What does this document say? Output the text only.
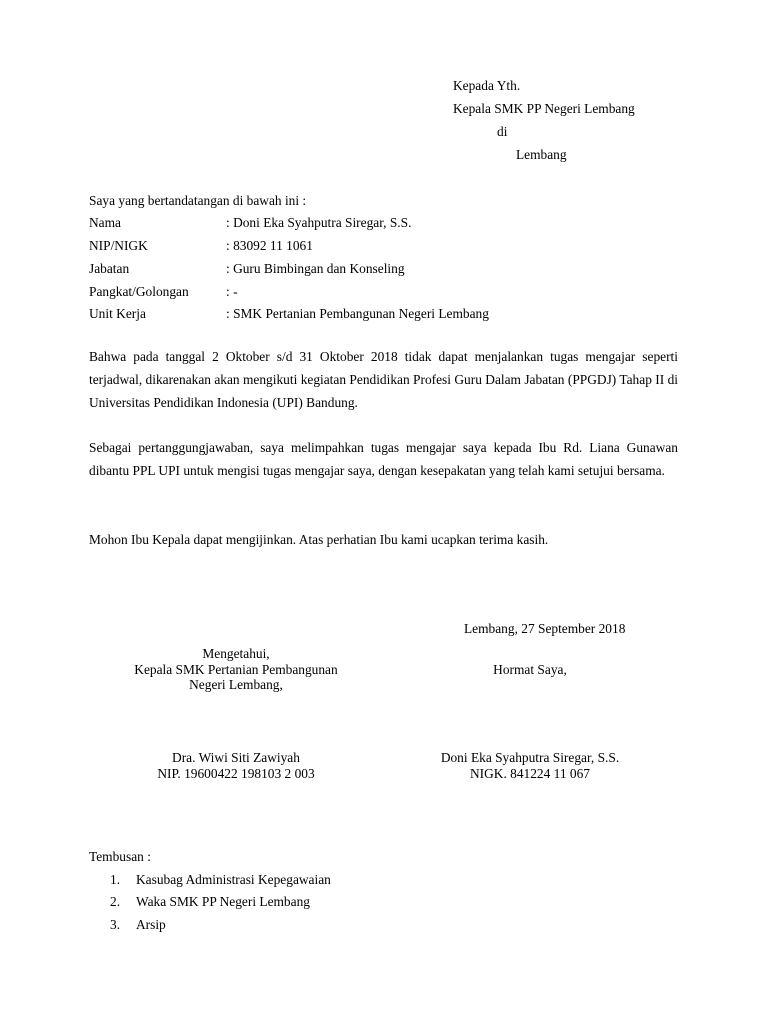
Kepada Yth.
Kepala SMK PP Negeri Lembang
di
Lembang
Saya yang bertandatangan di bawah ini :
Nama	: Doni Eka Syahputra Siregar, S.S.
NIP/NIGK	: 83092 11 1061
Jabatan	: Guru Bimbingan dan Konseling
Pangkat/Golongan	: -
Unit Kerja	: SMK Pertanian Pembangunan Negeri Lembang
Bahwa pada tanggal 2 Oktober s/d 31 Oktober 2018 tidak dapat menjalankan tugas mengajar seperti terjadwal, dikarenakan akan mengikuti kegiatan Pendidikan Profesi Guru Dalam Jabatan (PPGDJ) Tahap II di Universitas Pendidikan Indonesia (UPI) Bandung.
Sebagai pertanggungjawaban, saya melimpahkan tugas mengajar saya kepada Ibu Rd. Liana Gunawan dibantu PPL UPI untuk mengisi tugas mengajar saya, dengan kesepakatan yang telah kami setujui bersama.
Mohon Ibu Kepala dapat mengijinkan. Atas perhatian Ibu kami ucapkan terima kasih.
Lembang, 27 September 2018
Mengetahui,
Kepala SMK Pertanian Pembangunan
Negeri Lembang,
Hormat Saya,
Dra. Wiwi Siti Zawiyah
NIP. 19600422 198103 2 003
Doni Eka Syahputra Siregar, S.S.
NIGK. 841224 11 067
Tembusan :
1. Kasubag Administrasi Kepegawaian
2. Waka SMK PP Negeri Lembang
3. Arsip
